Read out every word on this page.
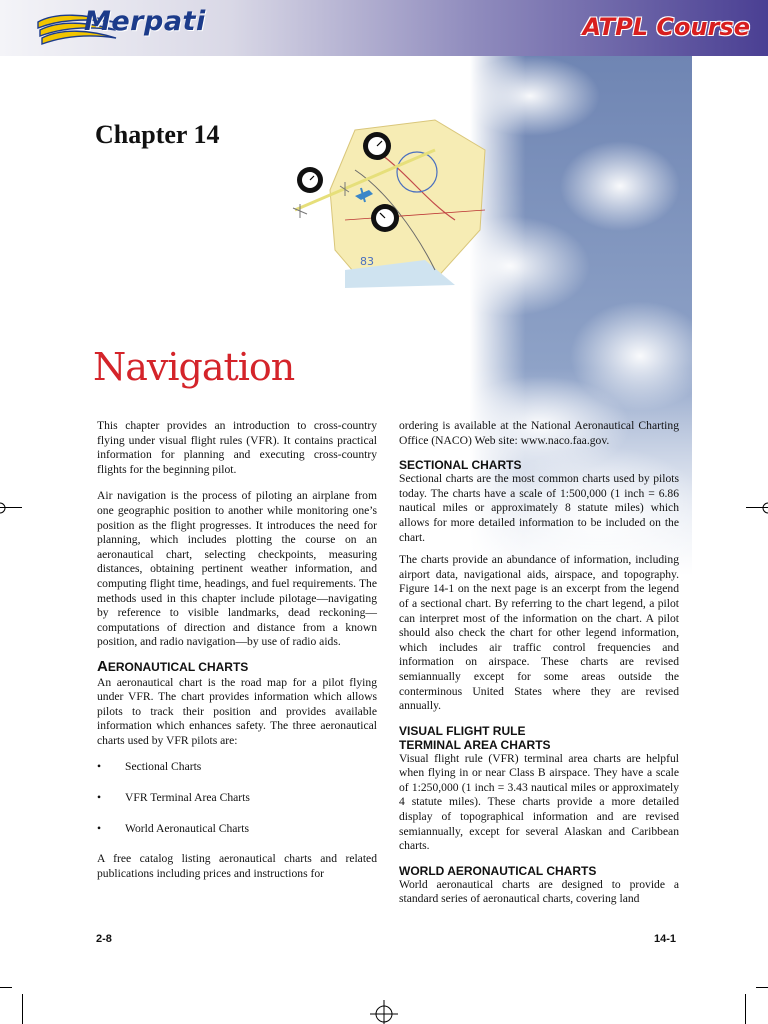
Merpati	ATPL Course
83
Chapter 14
Navigation

This chapter provides an introduction to cross-country flying under visual flight rules (VFR). It contains practical information for planning and executing cross-country flights for the beginning pilot.

Air navigation is the process of piloting an airplane from one geographic position to another while monitoring one’s position as the flight progresses. It introduces the need for planning, which includes plotting the course on an aeronautical chart, selecting checkpoints, measuring distances, obtaining pertinent weather information, and computing flight time, headings, and fuel requirements. The methods used in this chapter include pilotage—navigating by reference to visible landmarks, dead reckoning—computations of direction and distance from a known position, and radio navigation—by use of radio aids.

AERONAUTICAL CHARTS

An aeronautical chart is the road map for a pilot flying under VFR. The chart provides information which allows pilots to track their position and provides available information which enhances safety. The three aeronautical charts used by VFR pilots are:

• Sectional Charts

• VFR Terminal Area Charts

• World Aeronautical Charts

A free catalog listing aeronautical charts and related publications including prices and instructions for

ordering is available at the National Aeronautical Charting Office (NACO) Web site: www.naco.faa.gov.

SECTIONAL CHARTS

Sectional charts are the most common charts used by pilots today. The charts have a scale of 1:500,000 (1 inch = 6.86 nautical miles or approximately 8 statute miles) which allows for more detailed information to be included on the chart.

The charts provide an abundance of information, including airport data, navigational aids, airspace, and topography. Figure 14-1 on the next page is an excerpt from the legend of a sectional chart. By referring to the chart legend, a pilot can interpret most of the information on the chart. A pilot should also check the chart for other legend information, which includes air traffic control frequencies and information on airspace. These charts are revised semiannually except for some areas outside the conterminous United States where they are revised annually.

VISUAL FLIGHT RULE
TERMINAL AREA CHARTS

Visual flight rule (VFR) terminal area charts are helpful when flying in or near Class B airspace. They have a scale of 1:250,000 (1 inch = 3.43 nautical miles or approximately 4 statute miles). These charts provide a more detailed display of topographical information and are revised semiannually, except for several Alaskan and Caribbean charts.

WORLD AERONAUTICAL CHARTS

World aeronautical charts are designed to provide a standard series of aeronautical charts, covering land

2-8	14-1
